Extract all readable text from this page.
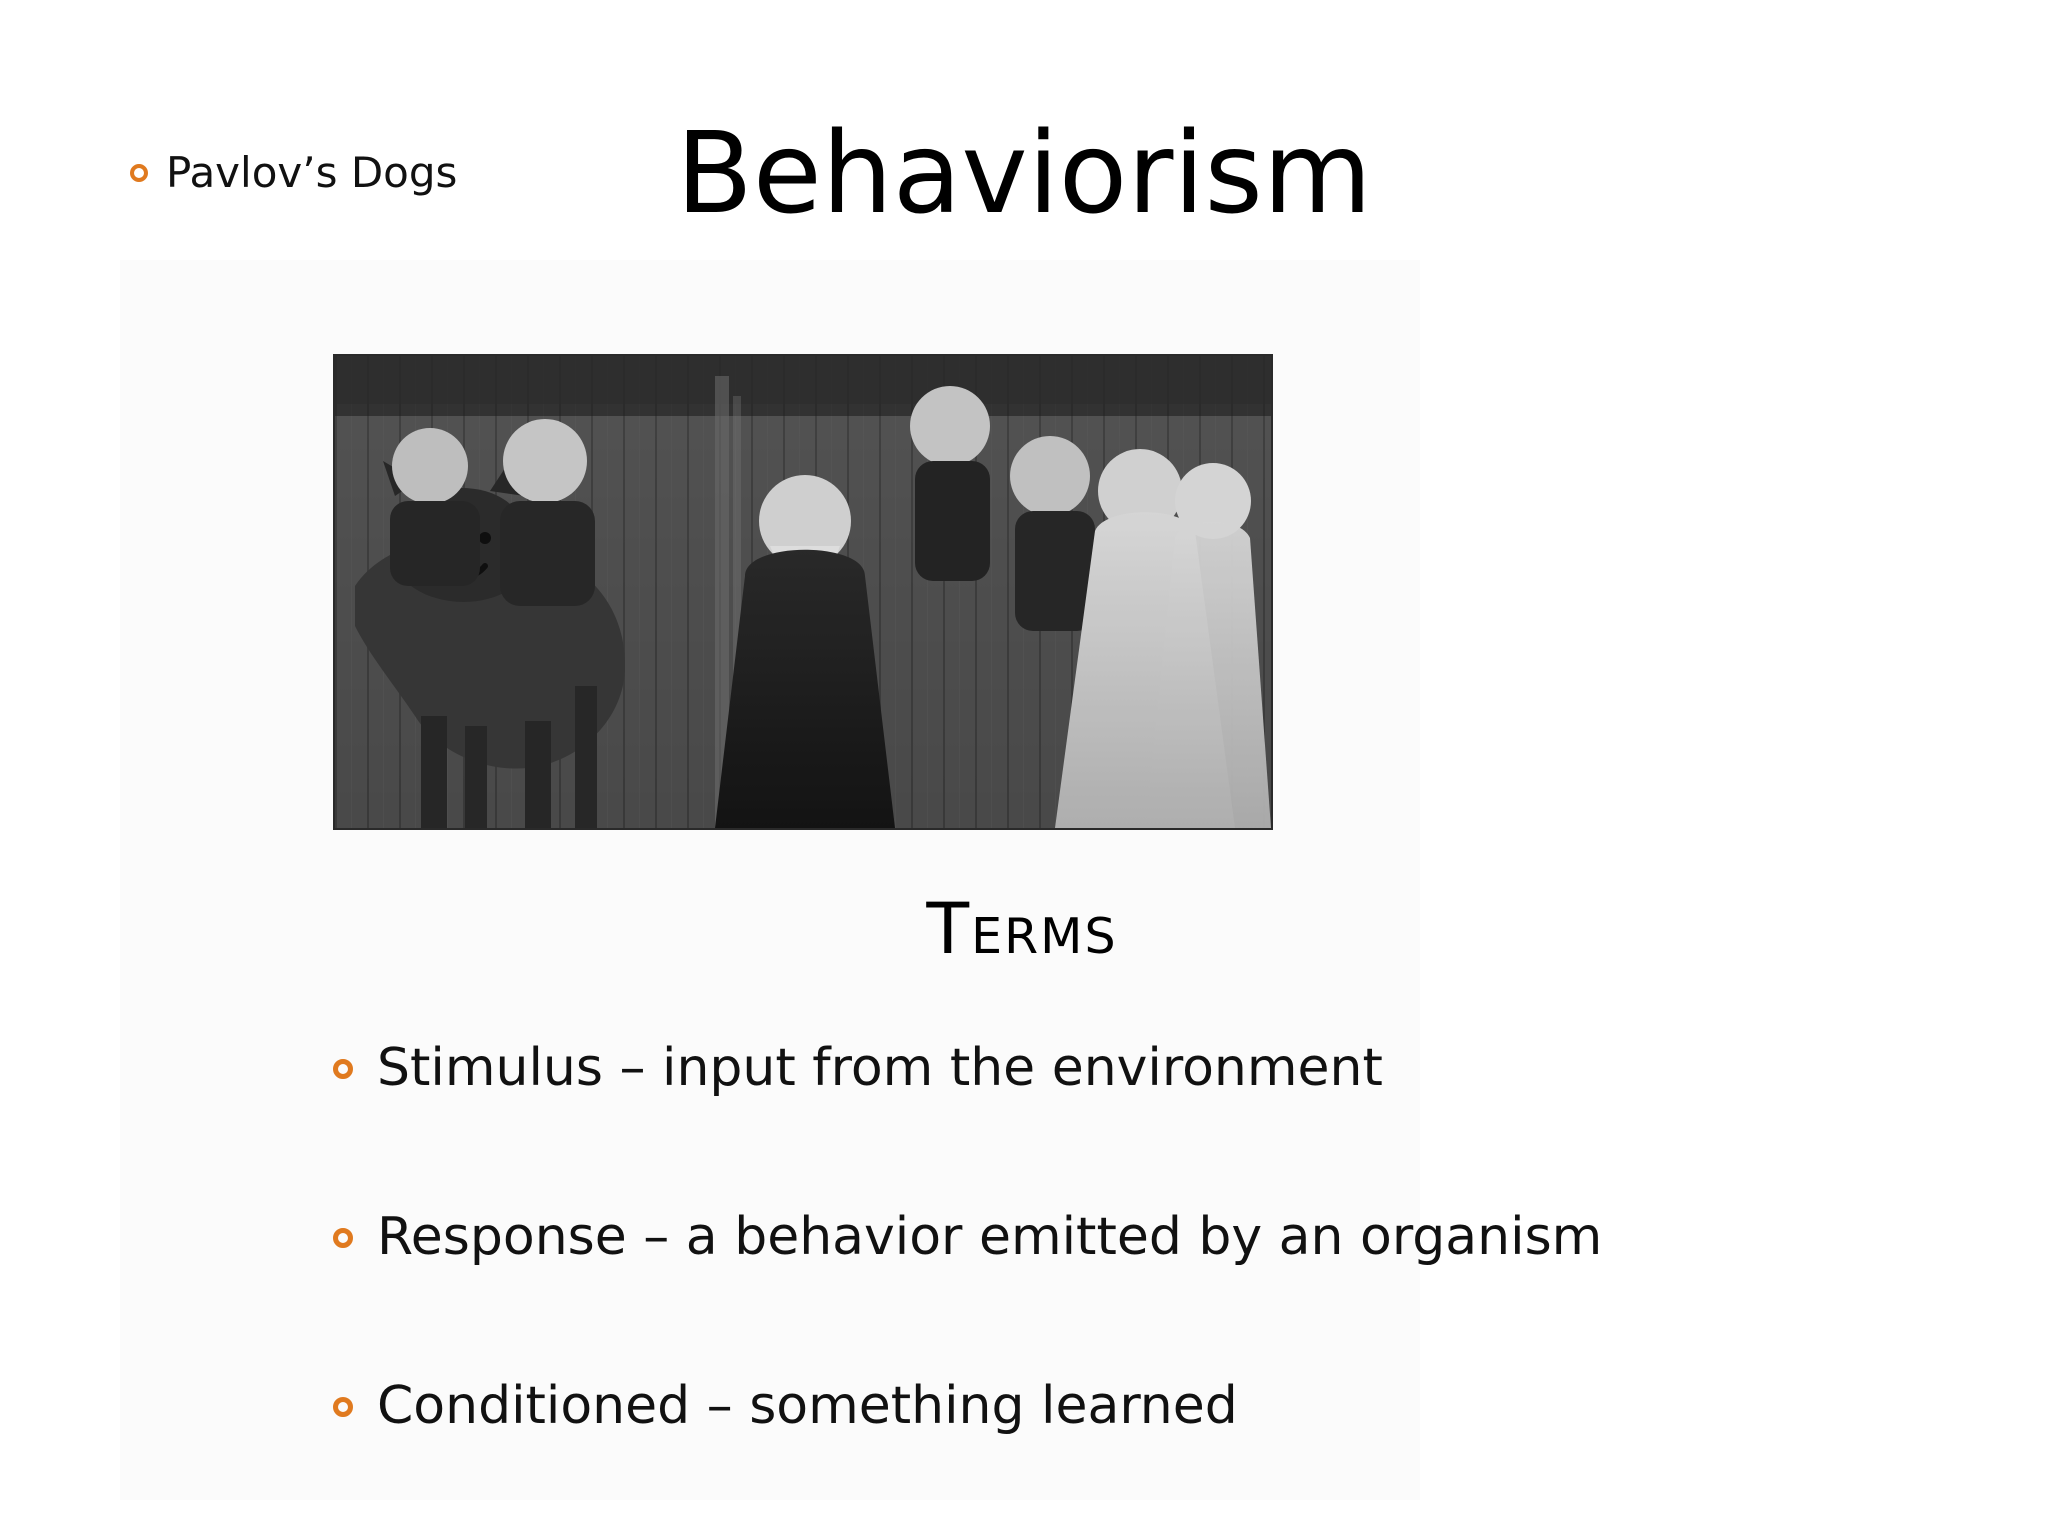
Pavlov’s Dogs	Behaviorism
Terms
Stimulus – input from the environment
Response – a behavior emitted by an organism
Conditioned – something learned
